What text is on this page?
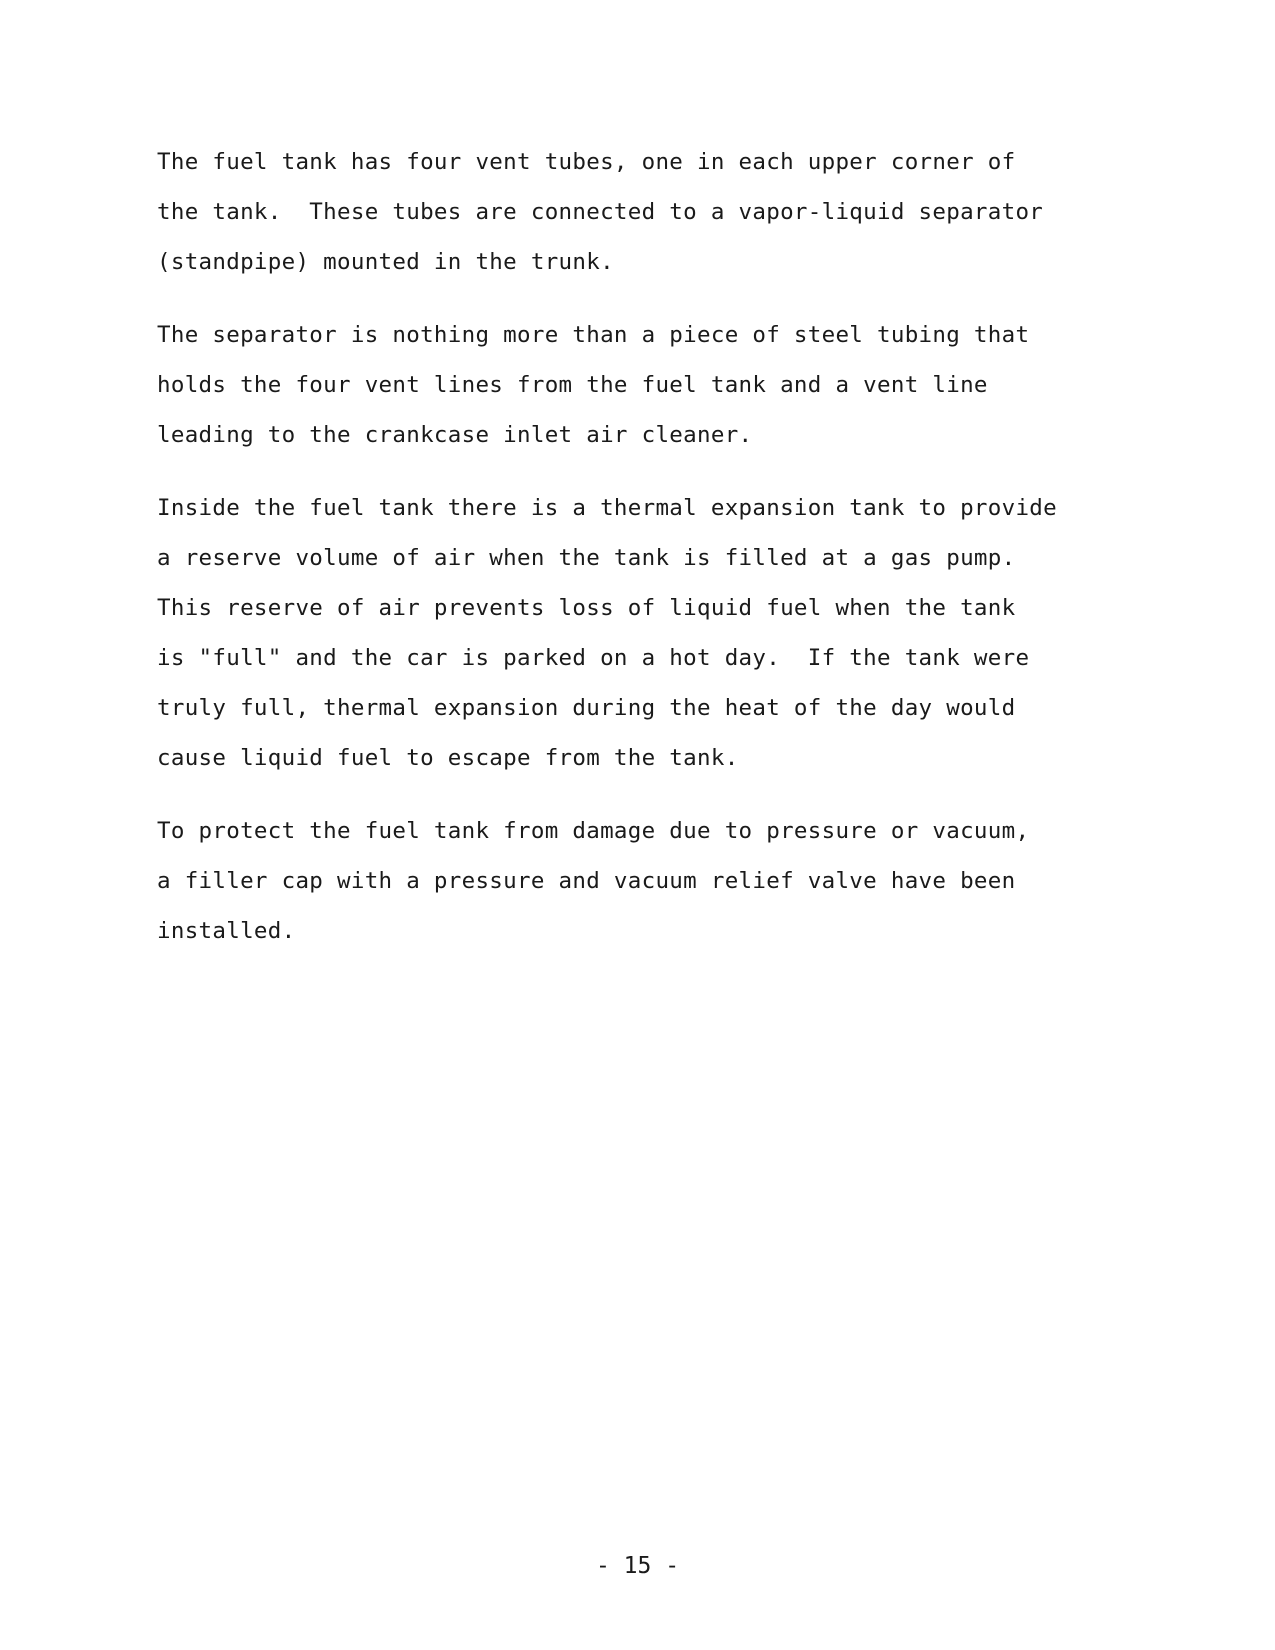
The fuel tank has four vent tubes, one in each upper corner of
the tank.  These tubes are connected to a vapor-liquid separator
(standpipe) mounted in the trunk.
The separator is nothing more than a piece of steel tubing that
holds the four vent lines from the fuel tank and a vent line
leading to the crankcase inlet air cleaner.
Inside the fuel tank there is a thermal expansion tank to provide
a reserve volume of air when the tank is filled at a gas pump.
This reserve of air prevents loss of liquid fuel when the tank
is "full" and the car is parked on a hot day.  If the tank were
truly full, thermal expansion during the heat of the day would
cause liquid fuel to escape from the tank.
To protect the fuel tank from damage due to pressure or vacuum,
a filler cap with a pressure and vacuum relief valve have been
installed.
- 15 -
